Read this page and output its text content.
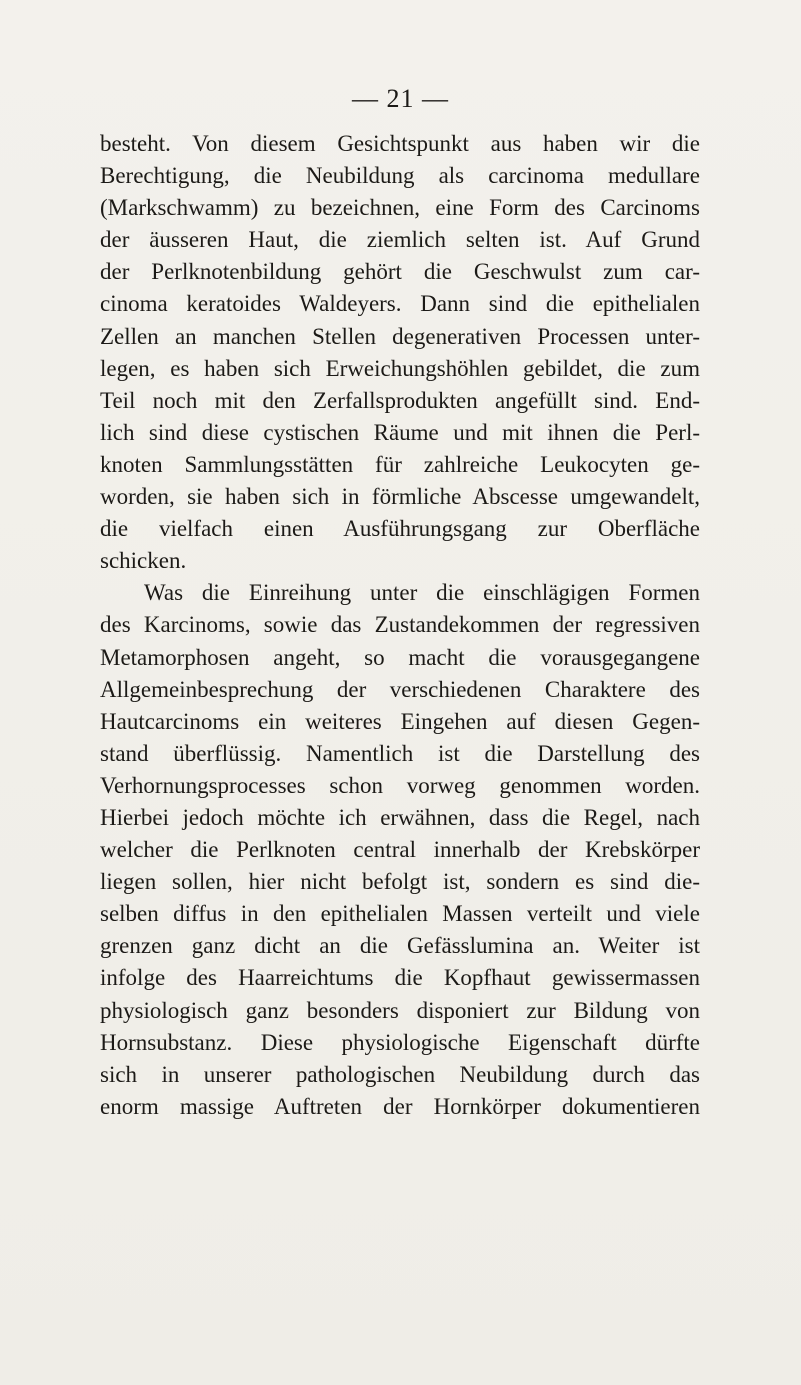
— 21 —
besteht. Von diesem Gesichtspunkt aus haben wir die
Berechtigung, die Neubildung als carcinoma medullare
(Markschwamm) zu bezeichnen, eine Form des Carcinoms
der äusseren Haut, die ziemlich selten ist. Auf Grund
der Perlknotenbildung gehört die Geschwulst zum car-
cinoma keratoides Waldeyers. Dann sind die epithelialen
Zellen an manchen Stellen degenerativen Processen unter-
legen, es haben sich Erweichungshöhlen gebildet, die zum
Teil noch mit den Zerfallsprodukten angefüllt sind. End-
lich sind diese cystischen Räume und mit ihnen die Perl-
knoten Sammlungsstätten für zahlreiche Leukocyten ge-
worden, sie haben sich in förmliche Abscesse umgewandelt,
die vielfach einen Ausführungsgang zur Oberfläche
schicken.
Was die Einreihung unter die einschlägigen Formen
des Karcinoms, sowie das Zustandekommen der regressiven
Metamorphosen angeht, so macht die vorausgegangene
Allgemeinbesprechung der verschiedenen Charaktere des
Hautcarcinoms ein weiteres Eingehen auf diesen Gegen-
stand überflüssig. Namentlich ist die Darstellung des
Verhornungsprocesses schon vorweg genommen worden.
Hierbei jedoch möchte ich erwähnen, dass die Regel, nach
welcher die Perlknoten central innerhalb der Krebskörper
liegen sollen, hier nicht befolgt ist, sondern es sind die-
selben diffus in den epithelialen Massen verteilt und viele
grenzen ganz dicht an die Gefässlumina an. Weiter ist
infolge des Haarreichtums die Kopfhaut gewissermassen
physiologisch ganz besonders disponiert zur Bildung von
Hornsubstanz. Diese physiologische Eigenschaft dürfte
sich in unserer pathologischen Neubildung durch das
enorm massige Auftreten der Hornkörper dokumentieren
